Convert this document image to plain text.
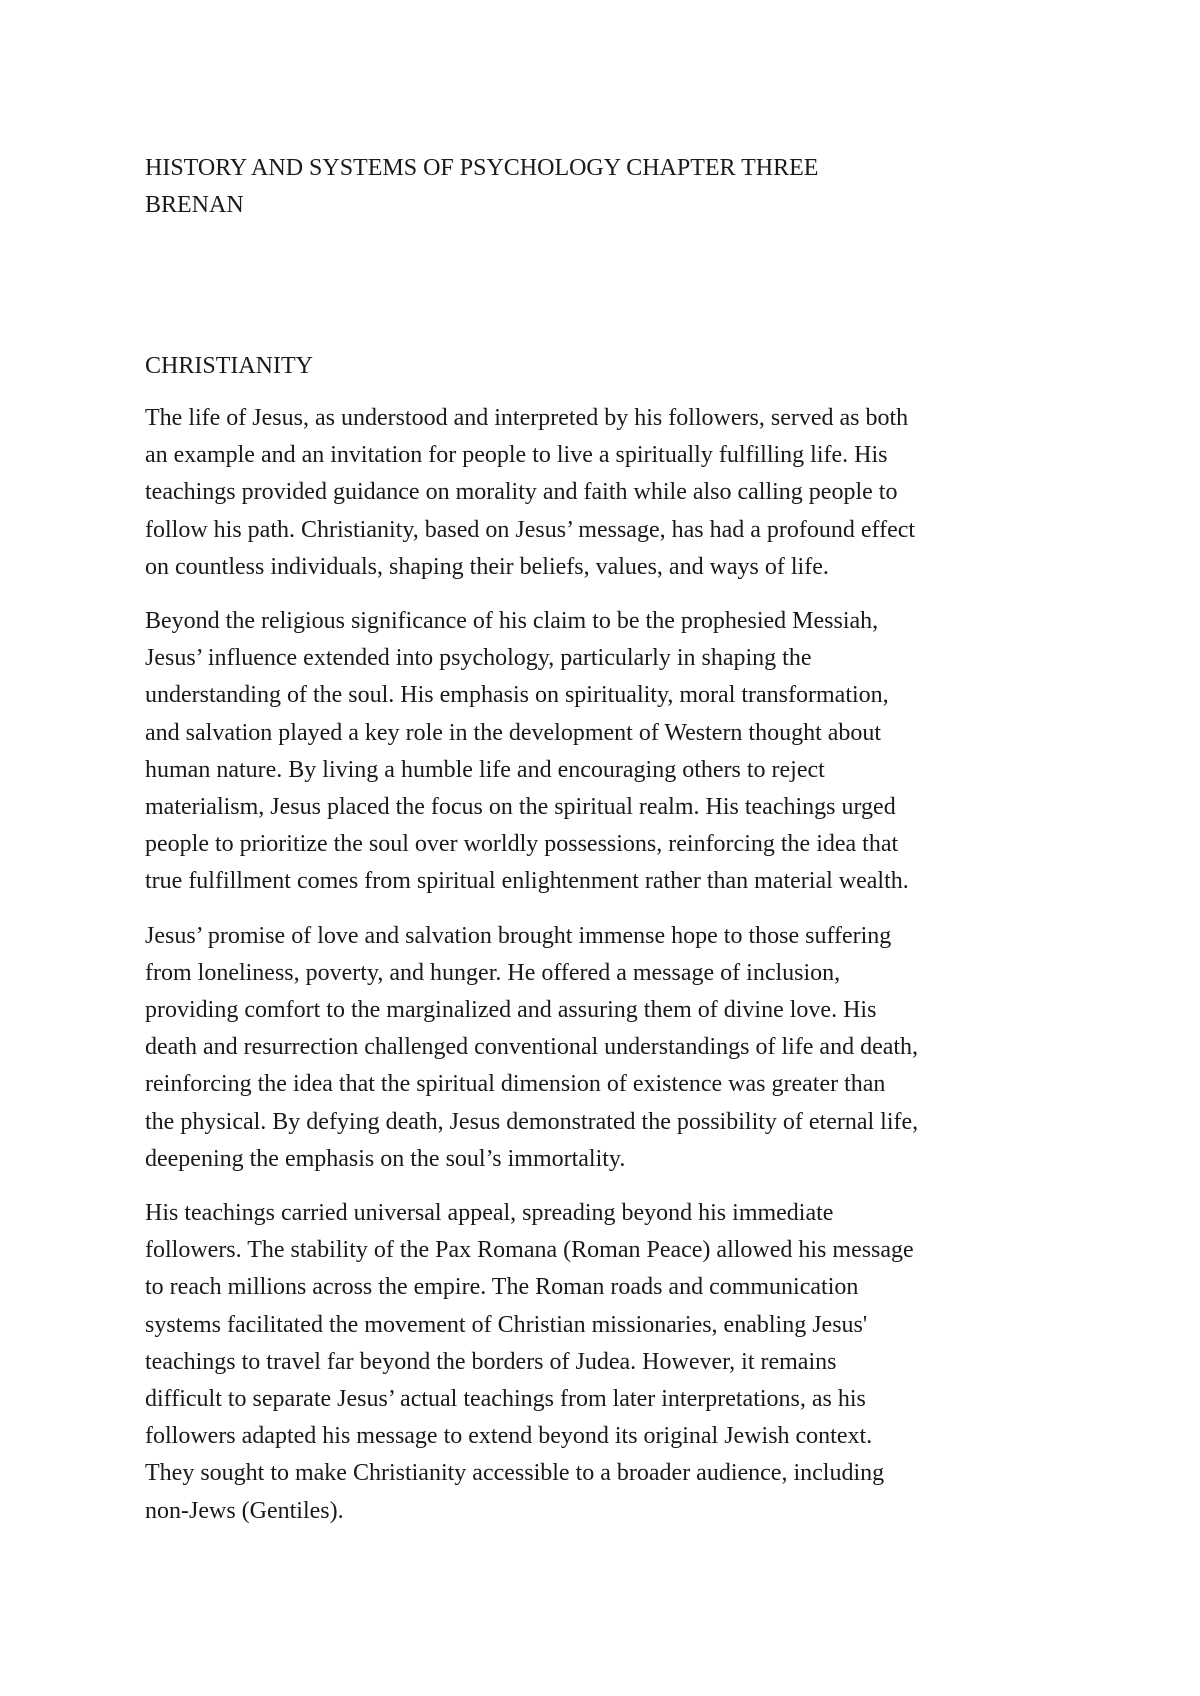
HISTORY AND SYSTEMS OF PSYCHOLOGY CHAPTER THREE
BRENAN
CHRISTIANITY

The life of Jesus, as understood and interpreted by his followers, served as both
an example and an invitation for people to live a spiritually fulfilling life. His
teachings provided guidance on morality and faith while also calling people to
follow his path. Christianity, based on Jesus’ message, has had a profound effect
on countless individuals, shaping their beliefs, values, and ways of life.

Beyond the religious significance of his claim to be the prophesied Messiah,
Jesus’ influence extended into psychology, particularly in shaping the
understanding of the soul. His emphasis on spirituality, moral transformation,
and salvation played a key role in the development of Western thought about
human nature. By living a humble life and encouraging others to reject
materialism, Jesus placed the focus on the spiritual realm. His teachings urged
people to prioritize the soul over worldly possessions, reinforcing the idea that
true fulfillment comes from spiritual enlightenment rather than material wealth.

Jesus’ promise of love and salvation brought immense hope to those suffering
from loneliness, poverty, and hunger. He offered a message of inclusion,
providing comfort to the marginalized and assuring them of divine love. His
death and resurrection challenged conventional understandings of life and death,
reinforcing the idea that the spiritual dimension of existence was greater than
the physical. By defying death, Jesus demonstrated the possibility of eternal life,
deepening the emphasis on the soul’s immortality.

His teachings carried universal appeal, spreading beyond his immediate
followers. The stability of the Pax Romana (Roman Peace) allowed his message
to reach millions across the empire. The Roman roads and communication
systems facilitated the movement of Christian missionaries, enabling Jesus'
teachings to travel far beyond the borders of Judea. However, it remains
difficult to separate Jesus’ actual teachings from later interpretations, as his
followers adapted his message to extend beyond its original Jewish context.
They sought to make Christianity accessible to a broader audience, including
non-Jews (Gentiles).
